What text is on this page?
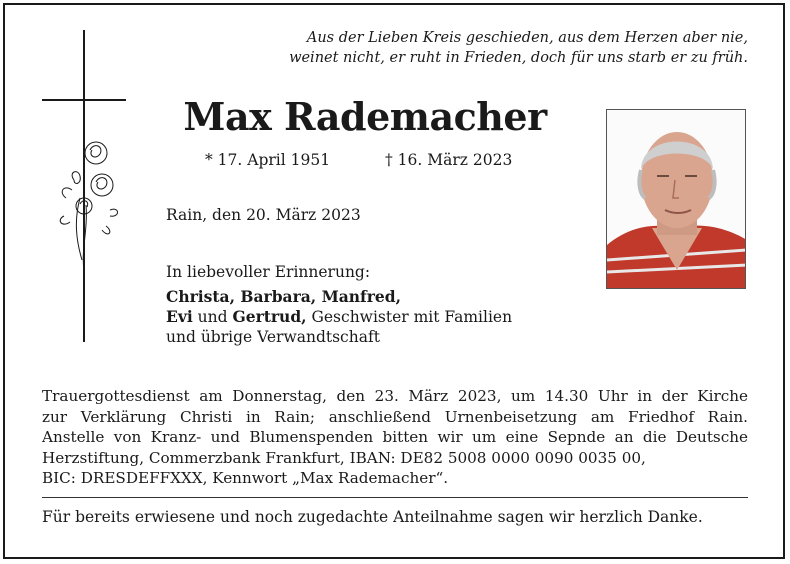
Aus der Lieben Kreis geschieden, aus dem Herzen aber nie,
weinet nicht, er ruht in Frieden, doch für uns starb er zu früh.
Max Rademacher
* 17. April 1951	† 16. März 2023
Rain, den 20. März 2023
In liebevoller Erinnerung:
Christa, Barbara, Manfred,
Evi und Gertrud, Geschwister mit Familien
und übrige Verwandtschaft
Trauergottesdienst am Donnerstag, den 23. März 2023, um 14.30 Uhr in der Kirche
zur Verklärung Christi in Rain; anschließend Urnenbeisetzung am Friedhof Rain.
Anstelle von Kranz- und Blumenspenden bitten wir um eine Sepnde an die Deutsche
Herzstiftung, Commerzbank Frankfurt, IBAN: DE82 5008 0000 0090 0035 00,
BIC: DRESDEFFXXX, Kennwort „Max Rademacher“.
Für bereits erwiesene und noch zugedachte Anteilnahme sagen wir herzlich Danke.
